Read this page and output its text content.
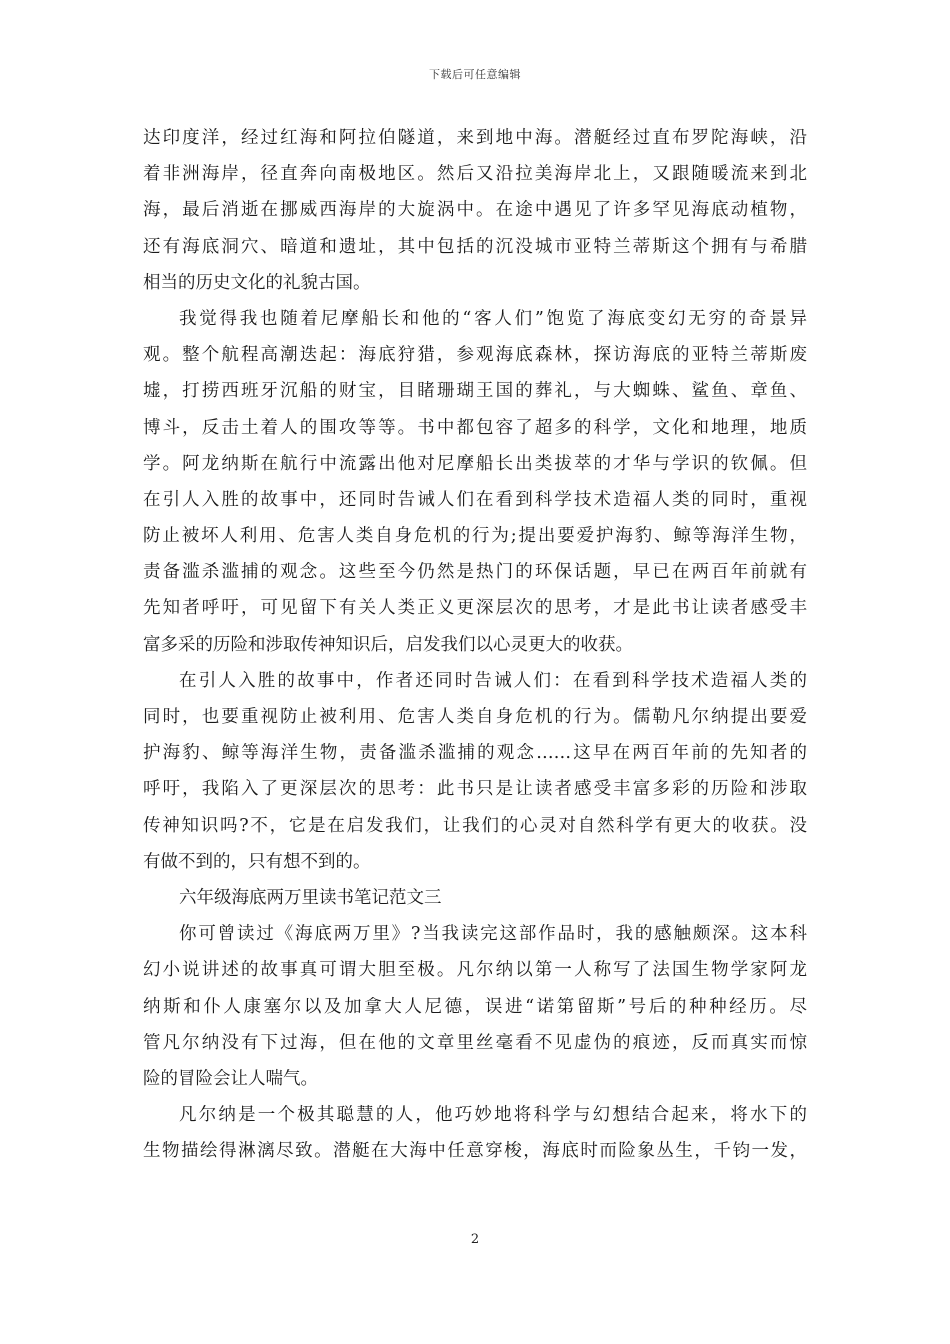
下载后可任意编辑
达印度洋，经过红海和阿拉伯隧道，来到地中海。潜艇经过直布罗陀海峡，沿
着非洲海岸，径直奔向南极地区。然后又沿拉美海岸北上，又跟随暖流来到北
海，最后消逝在挪威西海岸的大旋涡中。在途中遇见了许多罕见海底动植物，
还有海底洞穴、暗道和遗址，其中包括的沉没城市亚特兰蒂斯这个拥有与希腊
相当的历史文化的礼貌古国。
我觉得我也随着尼摩船长和他的“客人们”饱览了海底变幻无穷的奇景异
观。整个航程高潮迭起：海底狩猎，参观海底森林，探访海底的亚特兰蒂斯废
墟，打捞西班牙沉船的财宝，目睹珊瑚王国的葬礼，与大蜘蛛、鲨鱼、章鱼、
博斗，反击土着人的围攻等等。书中都包容了超多的科学，文化和地理，地质
学。阿龙纳斯在航行中流露出他对尼摩船长出类拔萃的才华与学识的钦佩。但
在引人入胜的故事中，还同时告诫人们在看到科学技术造福人类的同时，重视
防止被坏人利用、危害人类自身危机的行为;提出要爱护海豹、鲸等海洋生物，
责备滥杀滥捕的观念。这些至今仍然是热门的环保话题，早已在两百年前就有
先知者呼吁，可见留下有关人类正义更深层次的思考，才是此书让读者感受丰
富多采的历险和涉取传神知识后，启发我们以心灵更大的收获。
在引人入胜的故事中，作者还同时告诫人们：在看到科学技术造福人类的
同时，也要重视防止被利用、危害人类自身危机的行为。儒勒凡尔纳提出要爱
护海豹、鲸等海洋生物，责备滥杀滥捕的观念……这早在两百年前的先知者的
呼吁，我陷入了更深层次的思考：此书只是让读者感受丰富多彩的历险和涉取
传神知识吗?不，它是在启发我们，让我们的心灵对自然科学有更大的收获。没
有做不到的，只有想不到的。
六年级海底两万里读书笔记范文三
你可曾读过《海底两万里》?当我读完这部作品时，我的感触颇深。这本科
幻小说讲述的故事真可谓大胆至极。凡尔纳以第一人称写了法国生物学家阿龙
纳斯和仆人康塞尔以及加拿大人尼德，误进“诺第留斯”号后的种种经历。尽
管凡尔纳没有下过海，但在他的文章里丝毫看不见虚伪的痕迹，反而真实而惊
险的冒险会让人喘气。
凡尔纳是一个极其聪慧的人，他巧妙地将科学与幻想结合起来，将水下的
生物描绘得淋漓尽致。潜艇在大海中任意穿梭，海底时而险象丛生，千钧一发，
2
